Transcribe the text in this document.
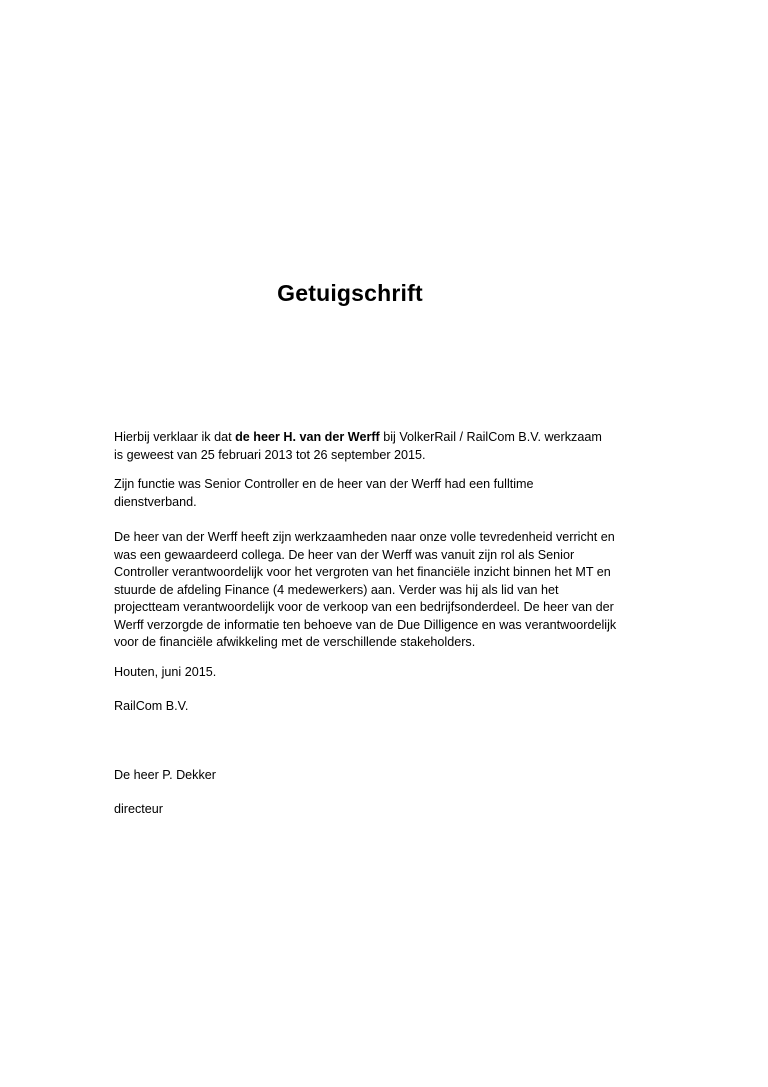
Getuigschrift
Hierbij verklaar ik dat de heer H. van der Werff bij VolkerRail / RailCom B.V. werkzaam
is geweest van 25 februari 2013 tot 26 september 2015.
Zijn functie was Senior Controller en de heer van der Werff had een fulltime
dienstverband.
De heer van der Werff heeft zijn werkzaamheden naar onze volle tevredenheid verricht en
was een gewaardeerd collega. De heer van der Werff was vanuit zijn rol als Senior
Controller verantwoordelijk voor het vergroten van het financiële inzicht binnen het MT en
stuurde de afdeling Finance (4 medewerkers) aan. Verder was hij als lid van het
projectteam verantwoordelijk voor de verkoop van een bedrijfsonderdeel. De heer van der
Werff verzorgde de informatie ten behoeve van de Due Dilligence en was verantwoordelijk
voor de financiële afwikkeling met de verschillende stakeholders.
Houten, juni 2015.
RailCom B.V.
De heer P. Dekker
directeur
